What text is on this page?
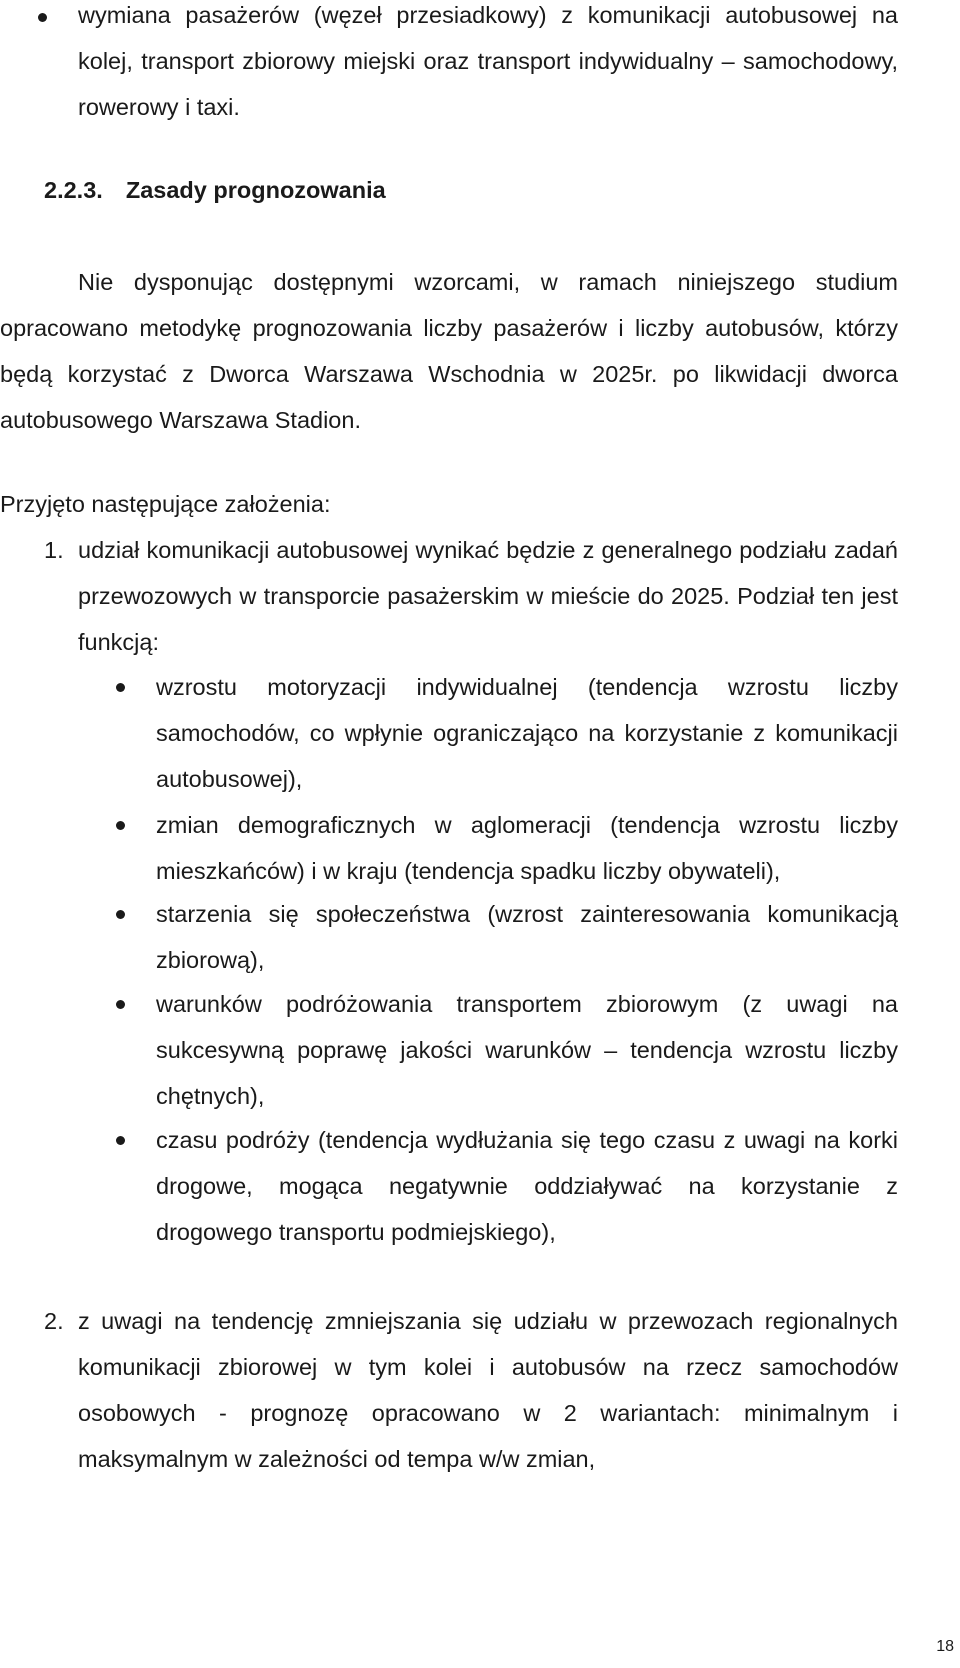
wymiana pasażerów (węzeł przesiadkowy) z komunikacji autobusowej na kolej, transport zbiorowy miejski oraz transport indywidualny – samochodowy, rowerowy i taxi.

2.2.3. Zasady prognozowania

Nie dysponując dostępnymi wzorcami, w ramach niniejszego studium opracowano metodykę prognozowania liczby pasażerów i liczby autobusów, którzy będą korzystać z Dworca Warszawa Wschodnia w 2025r. po likwidacji dworca autobusowego Warszawa Stadion.

Przyjęto następujące założenia:

1. udział komunikacji autobusowej wynikać będzie z generalnego podziału zadań przewozowych w transporcie pasażerskim w mieście do 2025. Podział ten jest funkcją:

wzrostu motoryzacji indywidualnej (tendencja wzrostu liczby samochodów, co wpłynie ograniczająco na korzystanie z komunikacji autobusowej),

zmian demograficznych w aglomeracji (tendencja wzrostu liczby mieszkańców) i w kraju (tendencja spadku liczby obywateli),

starzenia się społeczeństwa (wzrost zainteresowania komunikacją zbiorową),

warunków podróżowania transportem zbiorowym (z uwagi na sukcesywną poprawę jakości warunków – tendencja wzrostu liczby chętnych),

czasu podróży (tendencja wydłużania się tego czasu z uwagi na korki drogowe, mogąca negatywnie oddziaływać na korzystanie z drogowego transportu podmiejskiego),

2. z uwagi na tendencję zmniejszania się udziału w przewozach regionalnych komunikacji zbiorowej w tym kolei i autobusów na rzecz samochodów osobowych - prognozę opracowano w 2 wariantach: minimalnym i maksymalnym w zależności od tempa w/w zmian,

18
